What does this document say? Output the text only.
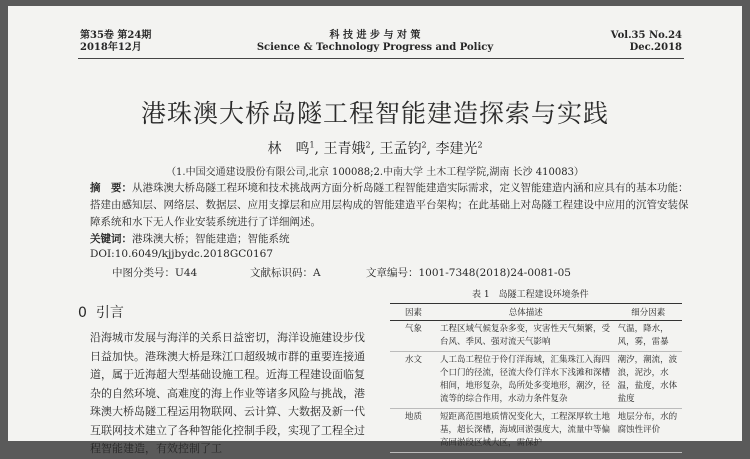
第35卷 第24期
2018年12月
科 技 进 步 与 对 策
Science & Technology Progress and Policy
Vol.35 No.24
Dec.2018
港珠澳大桥岛隧工程智能建造探索与实践
林　鸣$^1$, 王青娥$^2$, 王孟钧$^2$, 李建光$^2$
（1.中国交通建设股份有限公司,北京 100088;2.中南大学 土木工程学院,湖南 长沙 410083）
摘　要：从港珠澳大桥岛隧工程环境和技术挑战两方面分析岛隧工程智能建造实际需求，定义智能建造内涵和应具有的基本功能：搭建由感知层、网络层、数据层、应用支撑层和应用层构成的智能建造平台架构；在此基础上对岛隧工程建设中应用的沉管安装保障系统和水下无人作业安装系统进行了详细阐述。
关键词：港珠澳大桥；智能建造；智能系统
DOI:10.6049/kjjbydc.2018GC0167
中图分类号：U44	文献标识码：A	文章编号：1001-7348(2018)24-0081-05
0 引言
沿海城市发展与海洋的关系日益密切，海洋设施建设步伐日益加快。港珠澳大桥是珠江口超级城市群的重要连接通道，属于近海超大型基础设施工程。近海工程建设面临复杂的自然环境、高难度的海上作业等诸多风险与挑战，港珠澳大桥岛隧工程运用物联网、云计算、大数据及新一代互联网技术建立了各种智能化控制手段，实现了工程全过程智能建造，有效控制了工
表 1　岛隧工程建设环境条件
因素	总体描述	细分因素
气象	工程区域气候复杂多变，灾害性天气频繁，受台风、季风、强对流天气影响	气温，降水，风，雾，雷暴
水文	人工岛工程位于伶仃洋海域，汇集珠江入海四个口门的径流，径流大伶仃洋水下浅滩和深槽相间，地形复杂，岛所处多变地形，潮汐，径流等的综合作用，水动力条件复杂	潮汐，潮流，波浪，泥沙，水温，盐度，水体盐度
地质	短距离范围地质情况变化大，工程深厚软土地基，超长深槽，海域回淤强度大，流量中等偏高回淤段区域大区，需保护	地层分布，水的腐蚀性评价
